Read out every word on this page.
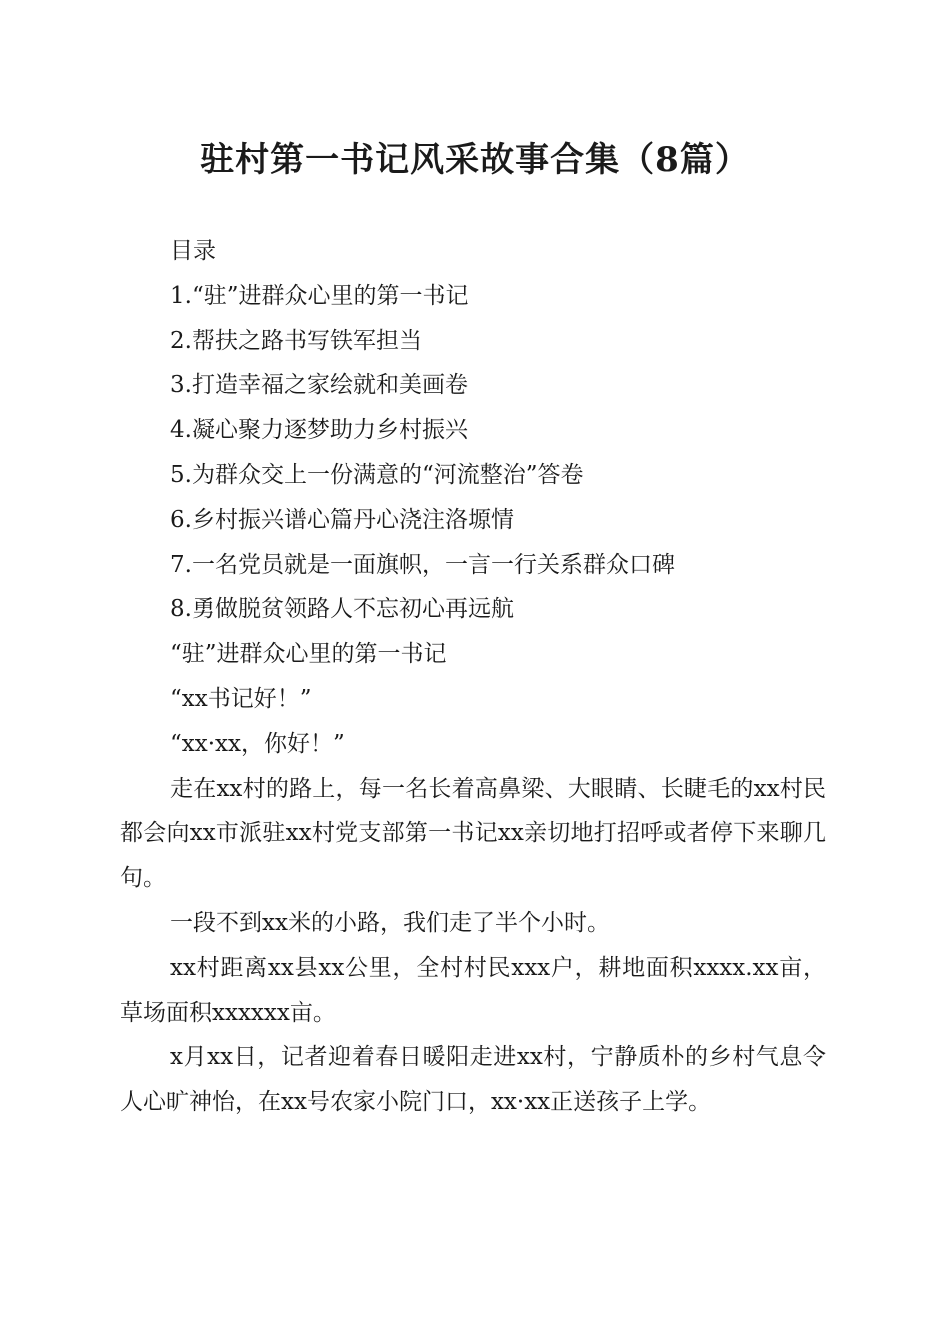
驻村第一书记风采故事合集（8篇）

目录

1.“驻”进群众心里的第一书记

2.帮扶之路书写铁军担当

3.打造幸福之家绘就和美画卷

4.凝心聚力逐梦助力乡村振兴

5.为群众交上一份满意的“河流整治”答卷

6.乡村振兴谱心篇丹心浇注洛塬情

7.一名党员就是一面旗帜，一言一行关系群众口碑

8.勇做脱贫领路人不忘初心再远航

“驻”进群众心里的第一书记

“xx书记好！”

“xx·xx，你好！”

走在xx村的路上，每一名长着高鼻梁、大眼睛、长睫毛的xx村民都会向xx市派驻xx村党支部第一书记xx亲切地打招呼或者停下来聊几句。

一段不到xx米的小路，我们走了半个小时。

xx村距离xx县xx公里，全村村民xxx户，耕地面积xxxx.xx亩，草场面积xxxxxx亩。

x月xx日，记者迎着春日暖阳走进xx村，宁静质朴的乡村气息令人心旷神怡，在xx号农家小院门口，xx·xx正送孩子上学。
